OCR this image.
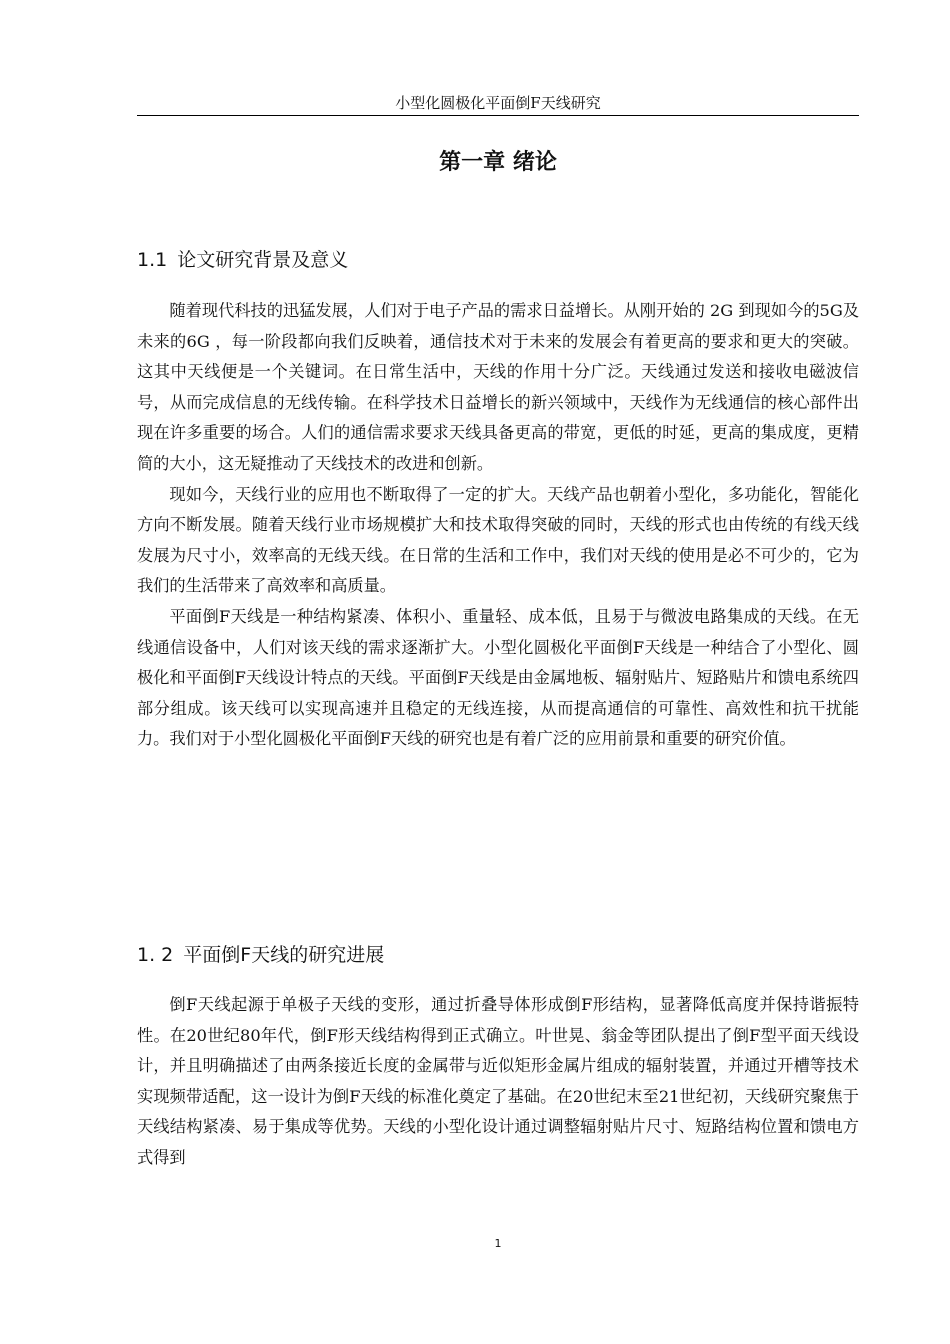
小型化圆极化平面倒F天线研究
第一章 绪论
1.1 论文研究背景及意义

随着现代科技的迅猛发展，人们对于电子产品的需求日益增长。从刚开始的 2G 到现如今的5G及未来的6G ，每一阶段都向我们反映着，通信技术对于未来的发展会有着更高的要求和更大的突破。这其中天线便是一个关键词。在日常生活中，天线的作用十分广泛。天线通过发送和接收电磁波信号，从而完成信息的无线传输。在科学技术日益增长的新兴领域中，天线作为无线通信的核心部件出现在许多重要的场合。人们的通信需求要求天线具备更高的带宽，更低的时延，更高的集成度，更精简的大小，这无疑推动了天线技术的改进和创新。

现如今，天线行业的应用也不断取得了一定的扩大。天线产品也朝着小型化，多功能化，智能化方向不断发展。随着天线行业市场规模扩大和技术取得突破的同时，天线的形式也由传统的有线天线发展为尺寸小，效率高的无线天线。在日常的生活和工作中，我们对天线的使用是必不可少的，它为我们的生活带来了高效率和高质量。

平面倒F天线是一种结构紧凑、体积小、重量轻、成本低，且易于与微波电路集成的天线。在无线通信设备中，人们对该天线的需求逐渐扩大。小型化圆极化平面倒F天线是一种结合了小型化、圆极化和平面倒F天线设计特点的天线。平面倒F天线是由金属地板、辐射贴片、短路贴片和馈电系统四部分组成。该天线可以实现高速并且稳定的无线连接，从而提高通信的可靠性、高效性和抗干扰能力。我们对于小型化圆极化平面倒F天线的研究也是有着广泛的应用前景和重要的研究价值。

1. 2 平面倒F天线的研究进展

倒F天线起源于单极子天线的变形，通过折叠导体形成倒F形结构，显著降低高度并保持谐振特性。在20世纪80年代，倒F形天线结构得到正式确立。叶世晃、翁金等团队提出了倒F型平面天线设计，并且明确描述了由两条接近长度的金属带与近似矩形金属片组成的辐射装置，并通过开槽等技术实现频带适配，这一设计为倒F天线的标准化奠定了基础。在20世纪末至21世纪初，天线研究聚焦于天线结构紧凑、易于集成等优势。天线的小型化设计通过调整辐射贴片尺寸、短路结构位置和馈电方式得到

1
